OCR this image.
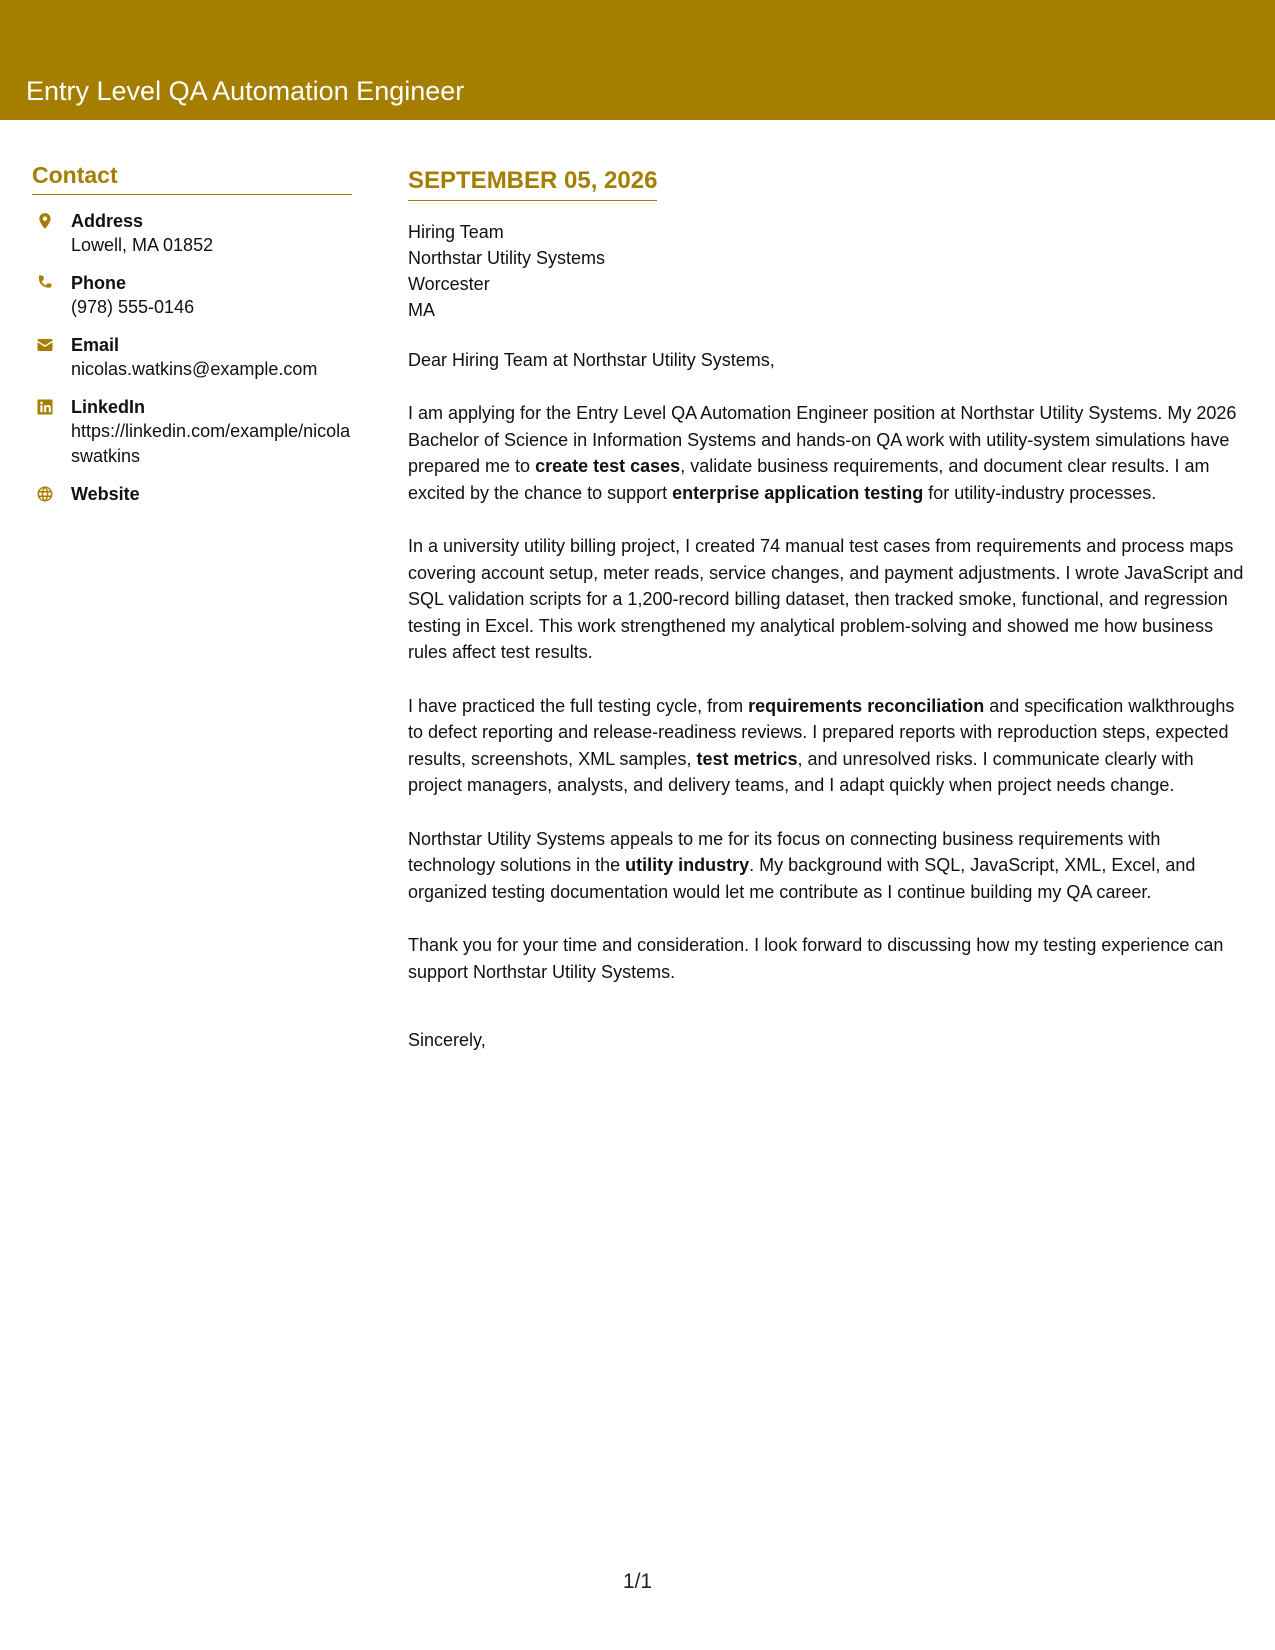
Entry Level QA Automation Engineer
Contact
Address
Lowell, MA 01852
Phone
(978) 555-0146
Email
nicolas.watkins@example.com
LinkedIn
https://linkedin.com/example/nicolaswatkins
Website
SEPTEMBER 05, 2026
Hiring Team
Northstar Utility Systems
Worcester
MA

Dear Hiring Team at Northstar Utility Systems,

I am applying for the Entry Level QA Automation Engineer position at Northstar Utility Systems. My 2026 Bachelor of Science in Information Systems and hands-on QA work with utility-system simulations have prepared me to create test cases, validate business requirements, and document clear results. I am excited by the chance to support enterprise application testing for utility-industry processes.

In a university utility billing project, I created 74 manual test cases from requirements and process maps covering account setup, meter reads, service changes, and payment adjustments. I wrote JavaScript and SQL validation scripts for a 1,200-record billing dataset, then tracked smoke, functional, and regression testing in Excel. This work strengthened my analytical problem-solving and showed me how business rules affect test results.

I have practiced the full testing cycle, from requirements reconciliation and specification walkthroughs to defect reporting and release-readiness reviews. I prepared reports with reproduction steps, expected results, screenshots, XML samples, test metrics, and unresolved risks. I communicate clearly with project managers, analysts, and delivery teams, and I adapt quickly when project needs change.

Northstar Utility Systems appeals to me for its focus on connecting business requirements with technology solutions in the utility industry. My background with SQL, JavaScript, XML, Excel, and organized testing documentation would let me contribute as I continue building my QA career.

Thank you for your time and consideration. I look forward to discussing how my testing experience can support Northstar Utility Systems.

Sincerely,

1/1
